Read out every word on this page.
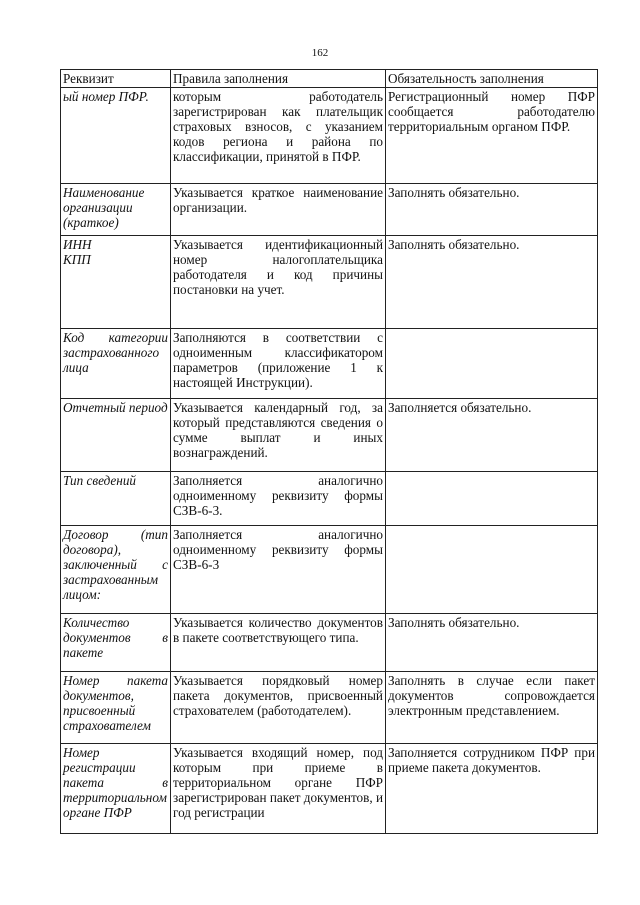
162
Реквизит	Правила заполнения	Обязательность заполнения

ый номер ПФР.	которым работодатель зарегистрирован как плательщик страховых взносов, с указанием кодов региона и района по классификации, принятой в ПФР.	Регистрационный номер ПФР сообщается работодателю территориальным органом ПФР.

Наименование организации (краткое)	Указывается краткое наименование организации.	Заполнять обязательно.

ИНН
КПП	Указывается идентификационный номер налогоплательщика работодателя и код причины постановки на учет.	Заполнять обязательно.

Код категории застрахованного лица	Заполняются в соответствии с одноименным классификатором параметров (приложение 1 к настоящей Инструкции).	

Отчетный период	Указывается календарный год, за который представляются сведения о сумме выплат и иных вознаграждений.	Заполняется обязательно.

Тип сведений	Заполняется аналогично одноименному реквизиту формы СЗВ-6-3.	

Договор (тип договора), заключенный с застрахованным лицом:	Заполняется аналогично одноименному реквизиту формы СЗВ-6-3	

Количество документов в пакете	Указывается количество документов в пакете соответствующего типа.	Заполнять обязательно.

Номер пакета документов, присвоенный страхователем	Указывается порядковый номер пакета документов, присвоенный страхователем (работодателем).	Заполнять в случае если пакет документов сопровождается электронным представлением.

Номер регистрации пакета в территориальном органе ПФР	Указывается входящий номер, под которым при приеме в территориальном органе ПФР зарегистрирован пакет документов, и год регистрации	Заполняется сотрудником ПФР при приеме пакета документов.
